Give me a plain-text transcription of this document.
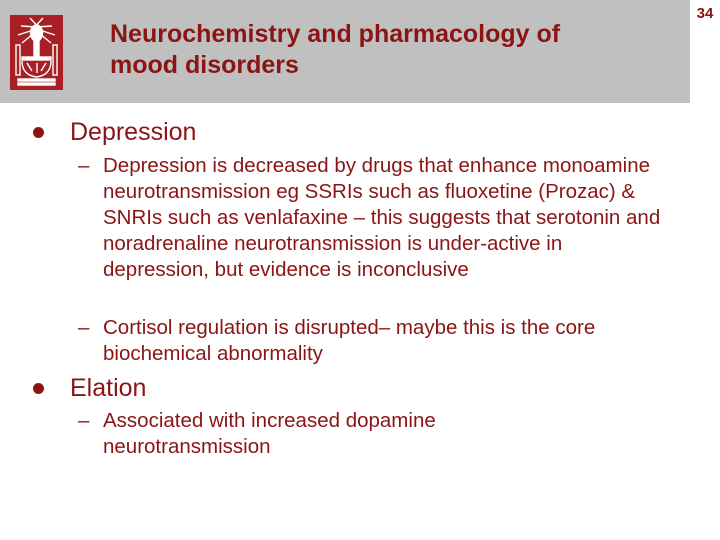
Neurochemistry and pharmacology of
mood disorders
34
Depression
– Depression is decreased by drugs that enhance monoamine neurotransmission eg SSRIs such as fluoxetine (Prozac) & SNRIs such as venlafaxine – this suggests that serotonin and noradrenaline neurotransmission is under-active in depression, but evidence is inconclusive
– Cortisol regulation is disrupted– maybe this is the core biochemical abnormality
Elation
– Associated with increased dopamine neurotransmission
